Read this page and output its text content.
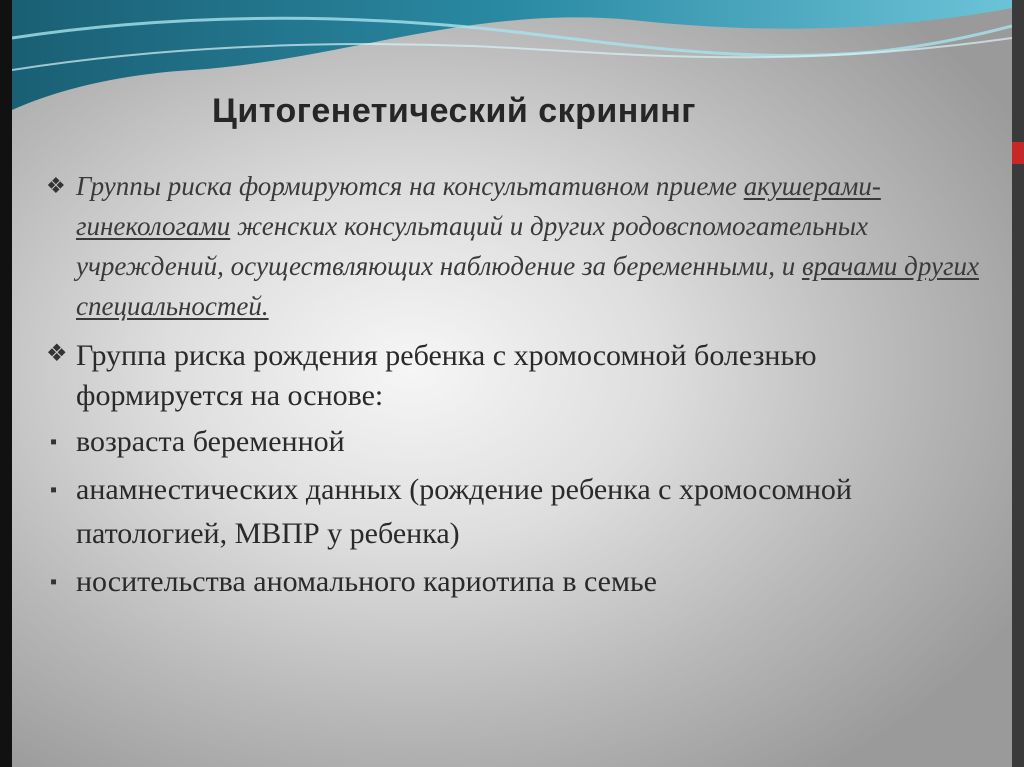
Цитогенетический скрининг
❖ Группы риска формируются на консультативном приеме акушерами-гинекологами женских консультаций и других родовспомогательных учреждений, осуществляющих наблюдение за беременными, и врачами других специальностей.
❖ Группа риска рождения ребенка с хромосомной болезнью формируется на основе:
▪ возраста беременной
▪ анамнестических данных (рождение ребенка с хромосомной патологией, МВПР у ребенка)
▪ носительства аномального кариотипа в семье
